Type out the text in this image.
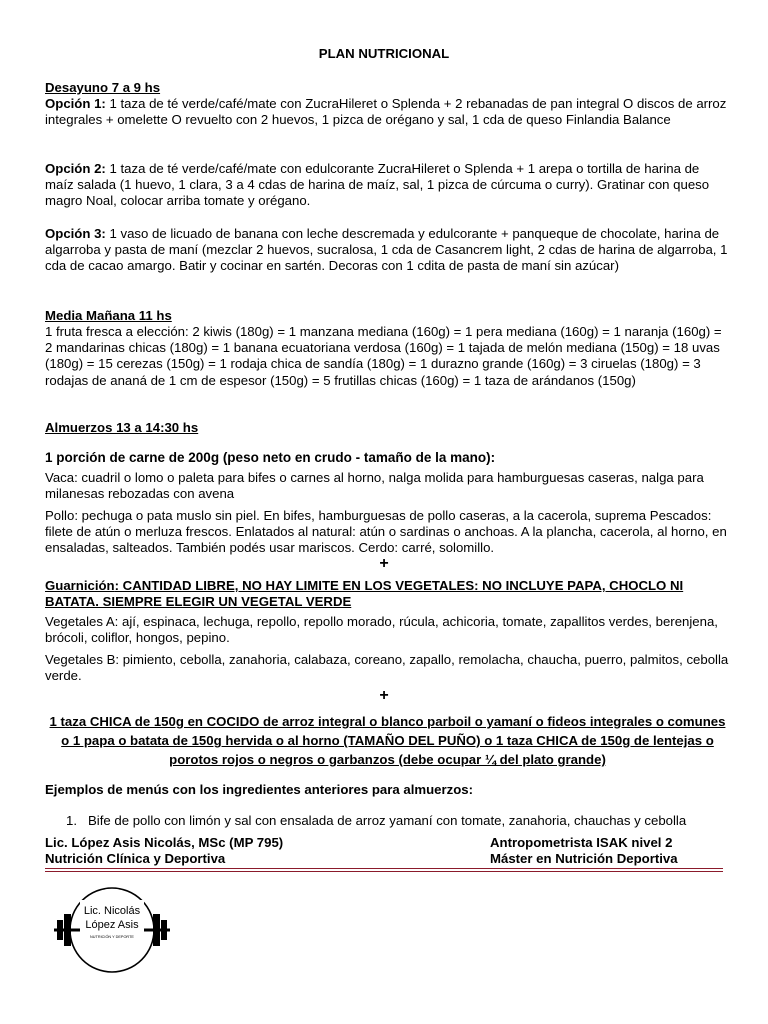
PLAN NUTRICIONAL
Desayuno 7 a 9 hs
Opción 1: 1 taza de té verde/café/mate con ZucraHileret o Splenda + 2 rebanadas de pan integral O discos de arroz integrales + omelette O revuelto con 2 huevos, 1 pizca de orégano y sal, 1 cda de queso Finlandia Balance
Opción 2: 1 taza de té verde/café/mate con edulcorante ZucraHileret o Splenda + 1 arepa o tortilla de harina de maíz salada (1 huevo, 1 clara, 3 a 4 cdas de harina de maíz, sal, 1 pizca de cúrcuma o curry). Gratinar con queso magro Noal, colocar arriba tomate y orégano.
Opción 3: 1 vaso de licuado de banana con leche descremada y edulcorante + panqueque de chocolate, harina de algarroba y pasta de maní (mezclar 2 huevos, sucralosa, 1 cda de Casancrem light, 2 cdas de harina de algarroba, 1 cda de cacao amargo. Batir y cocinar en sartén. Decoras con 1 cdita de pasta de maní sin azúcar)
Media Mañana 11 hs
1 fruta fresca a elección: 2 kiwis (180g) = 1 manzana mediana (160g) = 1 pera mediana (160g) = 1 naranja (160g) = 2 mandarinas chicas (180g) = 1 banana ecuatoriana verdosa (160g) = 1 tajada de melón mediana (150g) = 18 uvas (180g) = 15 cerezas (150g) = 1 rodaja chica de sandía (180g) = 1 durazno grande (160g) = 3 ciruelas (180g) = 3 rodajas de ananá de 1 cm de espesor (150g) = 5 frutillas chicas (160g) = 1 taza de arándanos (150g)
Almuerzos 13 a 14:30 hs
1 porción de carne de 200g (peso neto en crudo - tamaño de la mano):
Vaca: cuadril o lomo o paleta para bifes o carnes al horno, nalga molida para hamburguesas caseras, nalga para milanesas rebozadas con avena
Pollo: pechuga o pata muslo sin piel. En bifes, hamburguesas de pollo caseras, a la cacerola, suprema Pescados: filete de atún o merluza frescos. Enlatados al natural: atún o sardinas o anchoas. A la plancha, cacerola, al horno, en ensaladas, salteados. También podés usar mariscos. Cerdo: carré, solomillo.
+
Guarnición: CANTIDAD LIBRE, NO HAY LIMITE EN LOS VEGETALES: NO INCLUYE PAPA, CHOCLO NI BATATA. SIEMPRE ELEGIR UN VEGETAL VERDE
Vegetales A: ají, espinaca, lechuga, repollo, repollo morado, rúcula, achicoria, tomate, zapallitos verdes, berenjena, brócoli, coliflor, hongos, pepino.
Vegetales B: pimiento, cebolla, zanahoria, calabaza, coreano, zapallo, remolacha, chaucha, puerro, palmitos, cebolla verde.
+
1 taza CHICA de 150g en COCIDO de arroz integral o blanco parboil o yamaní o fideos integrales o comunes o 1 papa o batata de 150g hervida o al horno (TAMAÑO DEL PUÑO) o 1 taza CHICA de 150g de lentejas o porotos rojos o negros o garbanzos (debe ocupar ¼ del plato grande)
Ejemplos de menús con los ingredientes anteriores para almuerzos:
1. Bife de pollo con limón y sal con ensalada de arroz yamaní con tomate, zanahoria, chauchas y cebolla
Lic. López Asis Nicolás, MSc (MP 795)
Nutrición Clínica y Deportiva
Antropometrista ISAK nivel 2
Máster en Nutrición Deportiva
Lic. Nicolás
López Asis
NUTRICIÓN Y DEPORTE
